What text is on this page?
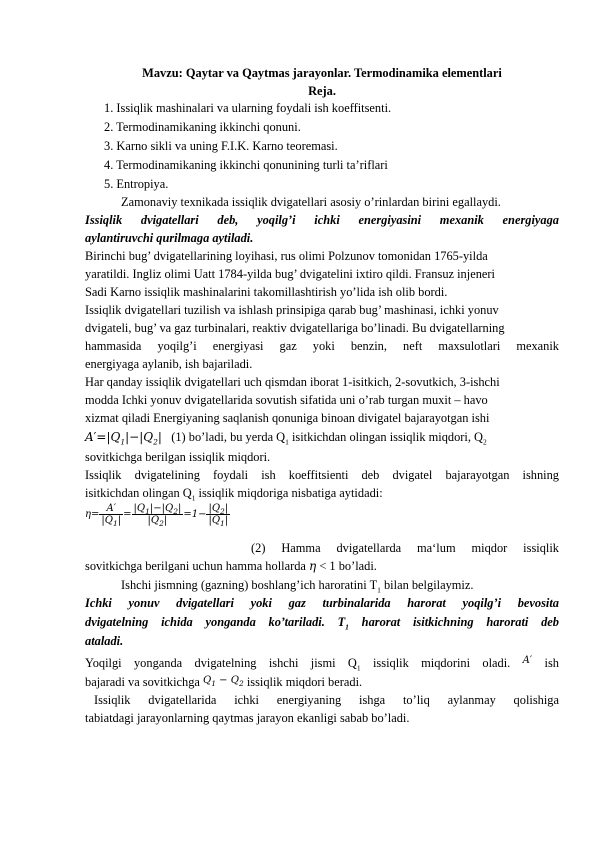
Mavzu: Qaytar va Qaytmas jarayonlar. Termodinamika elementlari
Reja.
1. Issiqlik mashinalari va ularning foydali ish koeffitsenti.
2. Termodinamikaning ikkinchi qonuni.
3. Karno sikli va uning F.I.K. Karno teoremasi.
4. Termodinamikaning ikkinchi qonunining turli ta’riflari
5. Entropiya.
Zamonaviy texnikada issiqlik dvigatellari asosiy o’rinlardan birini egallaydi.
Issiqlik dvigatellari deb, yoqilg’i ichki energiyasini mexanik energiyaga
aylantiruvchi qurilmaga aytiladi.
Birinchi bug’ dvigatellarining loyihasi, rus olimi Polzunov tomonidan 1765-yilda
yaratildi. Ingliz olimi Uatt 1784-yilda bug’ dvigatelini ixtiro qildi. Fransuz injeneri
Sadi Karno issiqlik mashinalarini takomillashtirish yo’lida ish olib bordi.
Issiqlik dvigatellari tuzilish va ishlash prinsipiga qarab bug’ mashinasi, ichki yonuv
dvigateli, bug’ va gaz turbinalari, reaktiv dvigatellariga bo’linadi. Bu dvigatellarning
hammasida yoqilg’i energiyasi gaz yoki benzin, neft maxsulotlari mexanik
energiyaga aylanib, ish bajariladi.
Har qanday issiqlik dvigatellari uch qismdan iborat 1-isitkich, 2-sovutkich, 3-ishchi
modda Ichki yonuv dvigatellarida sovutish sifatida uni o’rab turgan muxit – havo
xizmat qiladi Energiyaning saqlanish qonuniga binoan divigatel bajarayotgan ishi
$A'=|Q_1|-|Q_2|$ (1) bo’ladi, bu yerda $Q_1$ isitkichdan olingan issiqlik miqdori, $Q_2$
sovitkichga berilgan issiqlik miqdori.
Issiqlik dvigatelining foydali ish koeffitsienti deb dvigatel bajarayotgan ishning
isitkichdan olingan $Q_1$ issiqlik miqdoriga nisbatiga aytidadi:
$\eta= \frac{A'}{|Q_1|} = \frac{|Q_1|-|Q_2|}{|Q_2|} =1- \frac{|Q_2|}{|Q_1|}$
(2) Hamma dvigatellarda ma‘lum miqdor issiqlik
sovitkichga berilgani uchun hamma hollarda η < 1 bo’ladi.
Ishchi jismning (gazning) boshlang’ich haroratini $T_1$ bilan belgilaymiz.
Ichki yonuv dvigatellari yoki gaz turbinalarida harorat yoqilg’i bevosita
dvigatelning ichida yonganda ko’tariladi. $T_1$ harorat isitkichning harorati deb
ataladi.
Yoqilgi yonganda dvigatelning ishchi jismi $Q_1$ issiqlik miqdorini oladi. $^{A'}$ ish
bajaradi va sovitkichga $^{Q_1 - Q_2}$ issiqlik miqdori beradi.
Issiqlik dvigatellarida ichki energiyaning ishga to’liq aylanmay qolishiga
tabiatdagi jarayonlarning qaytmas jarayon ekanligi sabab bo’ladi.
